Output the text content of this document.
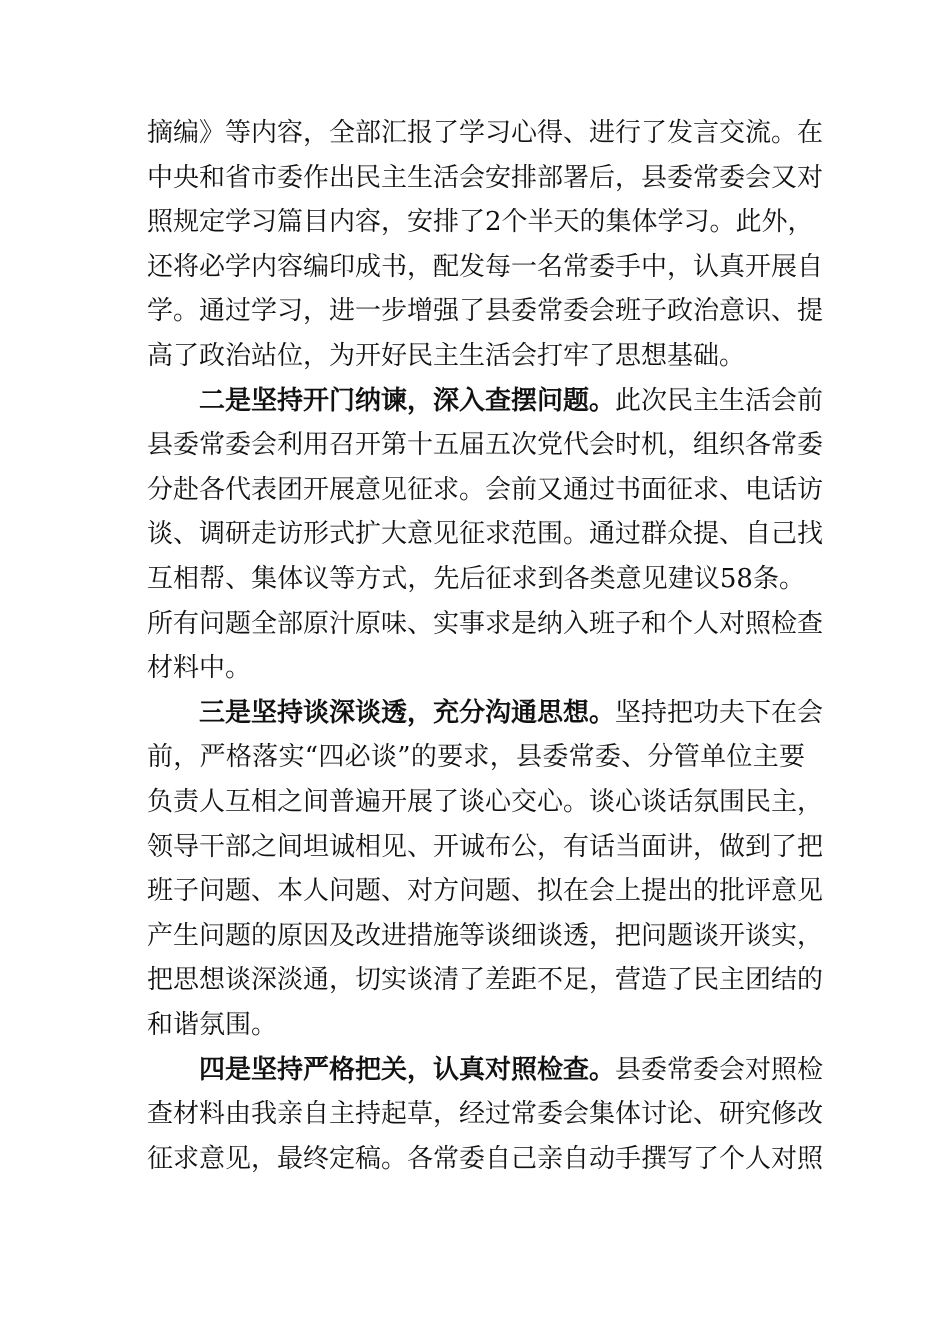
摘编》等内容，全部汇报了学习心得、进行了发言交流。在
中央和省市委作出民主生活会安排部署后，县委常委会又对
照规定学习篇目内容，安排了2个半天的集体学习。此外，
还将必学内容编印成书，配发每一名常委手中，认真开展自
学。通过学习，进一步增强了县委常委会班子政治意识、提
高了政治站位，为开好民主生活会打牢了思想基础。
二是坚持开门纳谏，深入查摆问题。此次民主生活会前
县委常委会利用召开第十五届五次党代会时机，组织各常委
分赴各代表团开展意见征求。会前又通过书面征求、电话访
谈、调研走访形式扩大意见征求范围。通过群众提、自己找
互相帮、集体议等方式，先后征求到各类意见建议58条。
所有问题全部原汁原味、实事求是纳入班子和个人对照检查
材料中。
三是坚持谈深谈透，充分沟通思想。坚持把功夫下在会
前，严格落实“四必谈”的要求，县委常委、分管单位主要
负责人互相之间普遍开展了谈心交心。谈心谈话氛围民主，
领导干部之间坦诚相见、开诚布公，有话当面讲，做到了把
班子问题、本人问题、对方问题、拟在会上提出的批评意见
产生问题的原因及改进措施等谈细谈透，把问题谈开谈实，
把思想谈深淡通，切实谈清了差距不足，营造了民主团结的
和谐氛围。
四是坚持严格把关，认真对照检查。县委常委会对照检
查材料由我亲自主持起草，经过常委会集体讨论、研究修改
征求意见，最终定稿。各常委自己亲自动手撰写了个人对照
